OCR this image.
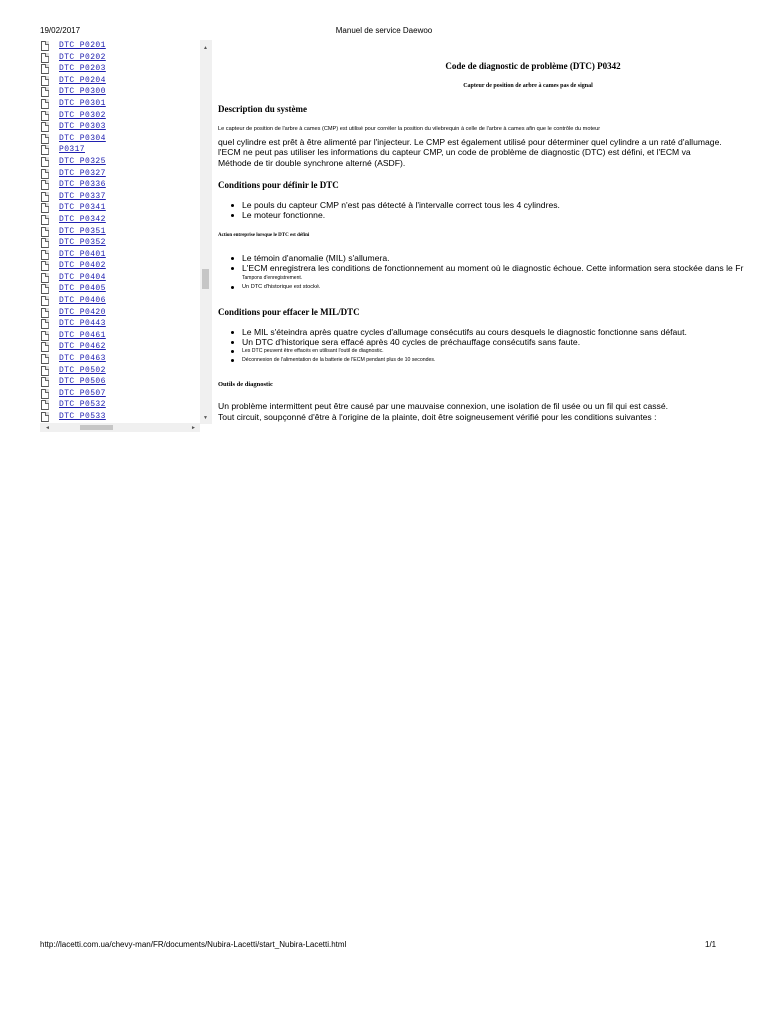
19/02/2017	Manuel de service Daewoo
DTC P0201
DTC P0202
DTC P0203
DTC P0204
DTC P0300
DTC P0301
DTC P0302
DTC P0303
DTC P0304
P0317
DTC P0325
DTC P0327
DTC P0336
DTC P0337
DTC P0341
DTC P0342
DTC P0351
DTC P0352
DTC P0401
DTC P0402
DTC P0404
DTC P0405
DTC P0406
DTC P0420
DTC P0443
DTC P0461
DTC P0462
DTC P0463
DTC P0502
DTC P0506
DTC P0507
DTC P0532
DTC P0533
▲
▼
◄	►
Code de diagnostic de problème (DTC) P0342
Capteur de position de arbre à cames pas de signal
Description du système
Le capteur de position de l'arbre à cames (CMP) est utilisé pour corréler la position du vilebrequin à celle de l'arbre à cames afin que le contrôle du moteur
quel cylindre est prêt à être alimenté par l'injecteur. Le CMP est également utilisé pour déterminer quel cylindre a un raté d'allumage.
l'ECM ne peut pas utiliser les informations du capteur CMP, un code de problème de diagnostic (DTC) est défini, et l'ECM va
Méthode de tir double synchrone alterné (ASDF).
Conditions pour définir le DTC
Le pouls du capteur CMP n'est pas détecté à l'intervalle correct tous les 4 cylindres.
Le moteur fonctionne.
Action entreprise lorsque le DTC est défini
Le témoin d'anomalie (MIL) s'allumera.
L'ECM enregistrera les conditions de fonctionnement au moment où le diagnostic échoue. Cette information sera stockée dans le Fr
Tampons d'enregistrement.
Un DTC d'historique est stocké.
Conditions pour effacer le MIL/DTC
Le MIL s'éteindra après quatre cycles d'allumage consécutifs au cours desquels le diagnostic fonctionne sans défaut.
Un DTC d'historique sera effacé après 40 cycles de préchauffage consécutifs sans faute.
Les DTC peuvent être effacés en utilisant l'outil de diagnostic.
Déconnexion de l'alimentation de la batterie de l'ECM pendant plus de 10 secondes.
Outils de diagnostic
Un problème intermittent peut être causé par une mauvaise connexion, une isolation de fil usée ou un fil qui est cassé.
Tout circuit, soupçonné d'être à l'origine de la plainte, doit être soigneusement vérifié pour les conditions suivantes :
http://lacetti.com.ua/chevy-man/FR/documents/Nubira-Lacetti/start_Nubira-Lacetti.html	1/1
